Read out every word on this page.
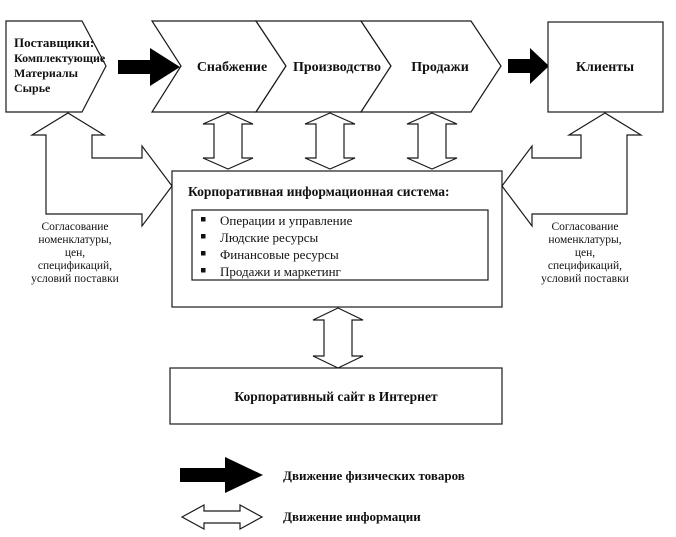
Поставщики:
Комплектующие
Материалы
Сырье
Снабжение Производство Продажи	Клиенты
Корпоративная информационная система:
Операции и управление
Людские ресурсы
Финансовые ресурсы
Продажи и маркетинг
Согласование
номенклатуры,
цен,
спецификаций,
условий поставки
Согласование
номенклатуры,
цен,
спецификаций,
условий поставки
Корпоративный сайт в Интернет
Движение физических товаров
Движение информации
